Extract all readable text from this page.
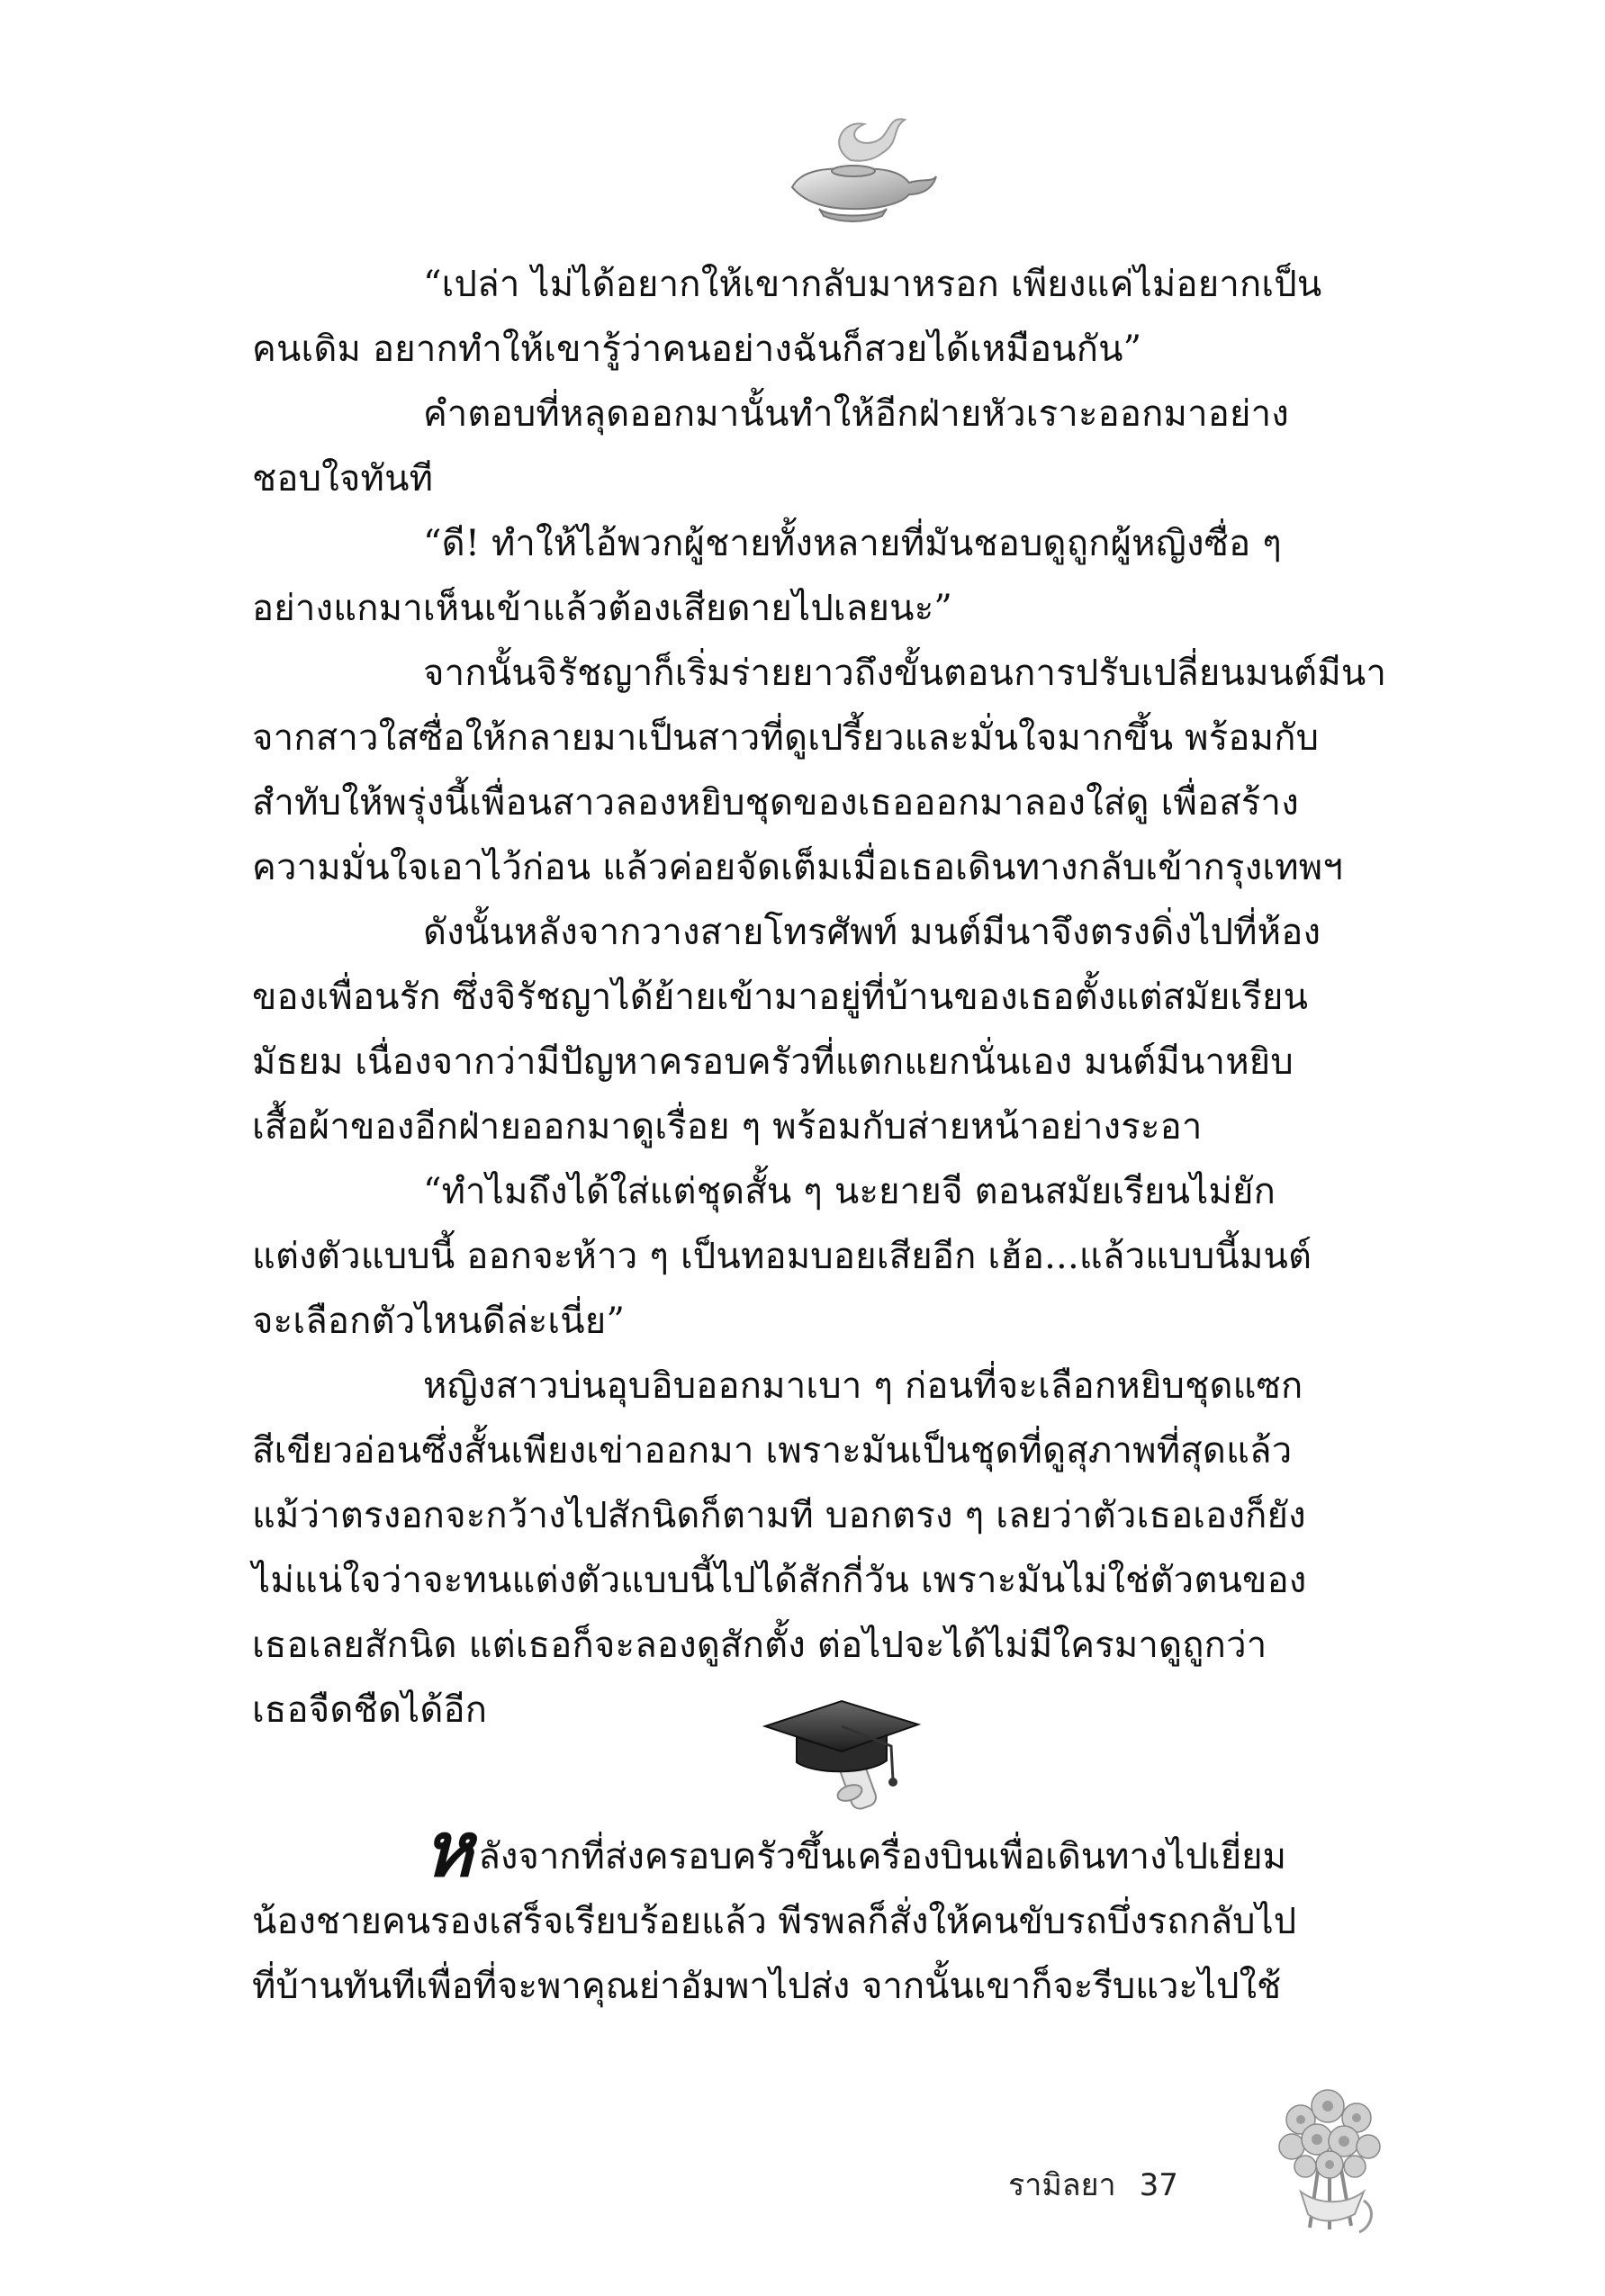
“เปล่า ไม่ได้อยากให้เขากลับมาหรอก เพียงแค่ไม่อยากเป็น
คนเดิม อยากทำให้เขารู้ว่าคนอย่างฉันก็สวยได้เหมือนกัน”

คำตอบที่หลุดออกมานั้นทำให้อีกฝ่ายหัวเราะออกมาอย่าง
ชอบใจทันที

“ดี! ทำให้ไอ้พวกผู้ชายทั้งหลายที่มันชอบดูถูกผู้หญิงซื่อ ๆ
อย่างแกมาเห็นเข้าแล้วต้องเสียดายไปเลยนะ”

จากนั้นจิรัชญาก็เริ่มร่ายยาวถึงขั้นตอนการปรับเปลี่ยนมนต์มีนา
จากสาวใสซื่อให้กลายมาเป็นสาวที่ดูเปรี้ยวและมั่นใจมากขึ้น พร้อมกับ
สำทับให้พรุ่งนี้เพื่อนสาวลองหยิบชุดของเธอออกมาลองใส่ดู เพื่อสร้าง
ความมั่นใจเอาไว้ก่อน แล้วค่อยจัดเต็มเมื่อเธอเดินทางกลับเข้ากรุงเทพฯ

ดังนั้นหลังจากวางสายโทรศัพท์ มนต์มีนาจึงตรงดิ่งไปที่ห้อง
ของเพื่อนรัก ซึ่งจิรัชญาได้ย้ายเข้ามาอยู่ที่บ้านของเธอตั้งแต่สมัยเรียน
มัธยม เนื่องจากว่ามีปัญหาครอบครัวที่แตกแยกนั่นเอง มนต์มีนาหยิบ
เสื้อผ้าของอีกฝ่ายออกมาดูเรื่อย ๆ พร้อมกับส่ายหน้าอย่างระอา

“ทำไมถึงได้ใส่แต่ชุดสั้น ๆ นะยายจี ตอนสมัยเรียนไม่ยัก
แต่งตัวแบบนี้ ออกจะห้าว ๆ เป็นทอมบอยเสียอีก เฮ้อ...แล้วแบบนี้มนต์
จะเลือกตัวไหนดีล่ะเนี่ย”

หญิงสาวบ่นอุบอิบออกมาเบา ๆ ก่อนที่จะเลือกหยิบชุดแซก
สีเขียวอ่อนซึ่งสั้นเพียงเข่าออกมา เพราะมันเป็นชุดที่ดูสุภาพที่สุดแล้ว
แม้ว่าตรงอกจะกว้างไปสักนิดก็ตามที บอกตรง ๆ เลยว่าตัวเธอเองก็ยัง
ไม่แน่ใจว่าจะทนแต่งตัวแบบนี้ไปได้สักกี่วัน เพราะมันไม่ใช่ตัวตนของ
เธอเลยสักนิด แต่เธอก็จะลองดูสักตั้ง ต่อไปจะได้ไม่มีใครมาดูถูกว่า
เธอจืดชืดได้อีก

หลังจากที่ส่งครอบครัวขึ้นเครื่องบินเพื่อเดินทางไปเยี่ยม
น้องชายคนรองเสร็จเรียบร้อยแล้ว พีรพลก็สั่งให้คนขับรถบึ่งรถกลับไป
ที่บ้านทันทีเพื่อที่จะพาคุณย่าอัมพาไปส่ง จากนั้นเขาก็จะรีบแวะไปใช้
รามิลยา 37
